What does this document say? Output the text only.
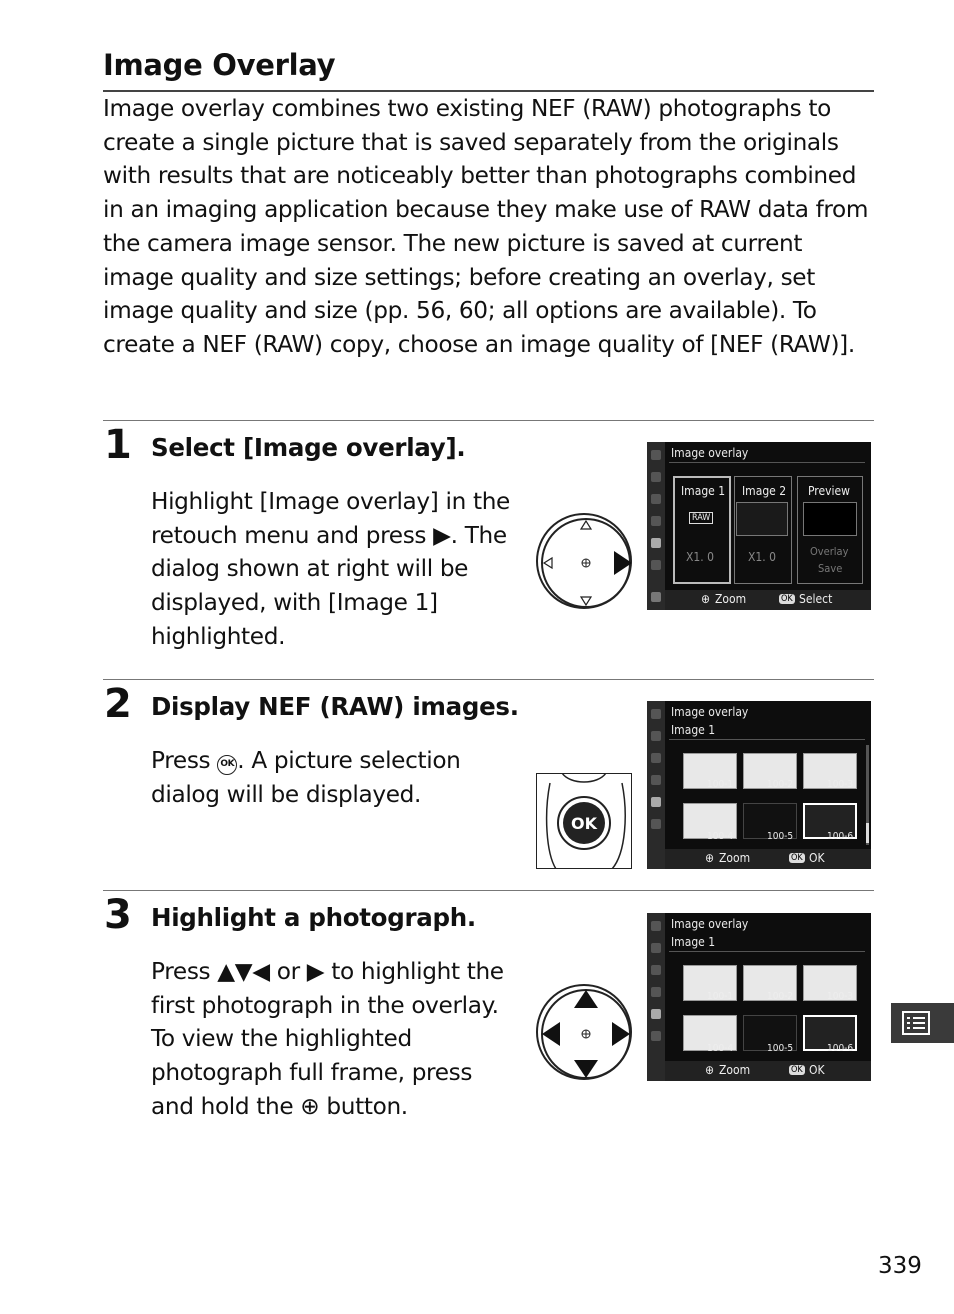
Image Overlay

Image overlay combines two existing NEF (RAW) photographs to create a single picture that is saved separately from the originals with results that are noticeably better than photographs combined in an imaging application because they make use of RAW data from the camera image sensor. The new picture is saved at current image quality and size settings; before creating an overlay, set image quality and size (pp. 56, 60; all options are available). To create a NEF (RAW) copy, choose an image quality of [NEF (RAW)].

1 Select [Image overlay].

Highlight [Image overlay] in the retouch menu and press ▶. The dialog shown at right will be displayed, with [Image 1] highlighted.

Image overlay
Image 1 Image 2 Preview
RAW
X1. 0	X1. 0	Overlay
Save
⊕ Zoom	OK Select
2 Display NEF (RAW) images.

Press OK . A picture selection dialog will be displayed.

OK
Image overlay
Image 1
100-1	100-2	100-3
100-4	100-5	100-6
⊕ Zoom	OK OK
3 Highlight a photograph.

Press ▲▼◀ or ▶ to highlight the first photograph in the overlay. To view the highlighted photograph full frame, press and hold the ⊕ button.

Image overlay
Image 1
100-1	100-2	100-3
100-4	100-5	100-6
⊕ Zoom	OK OK
339
